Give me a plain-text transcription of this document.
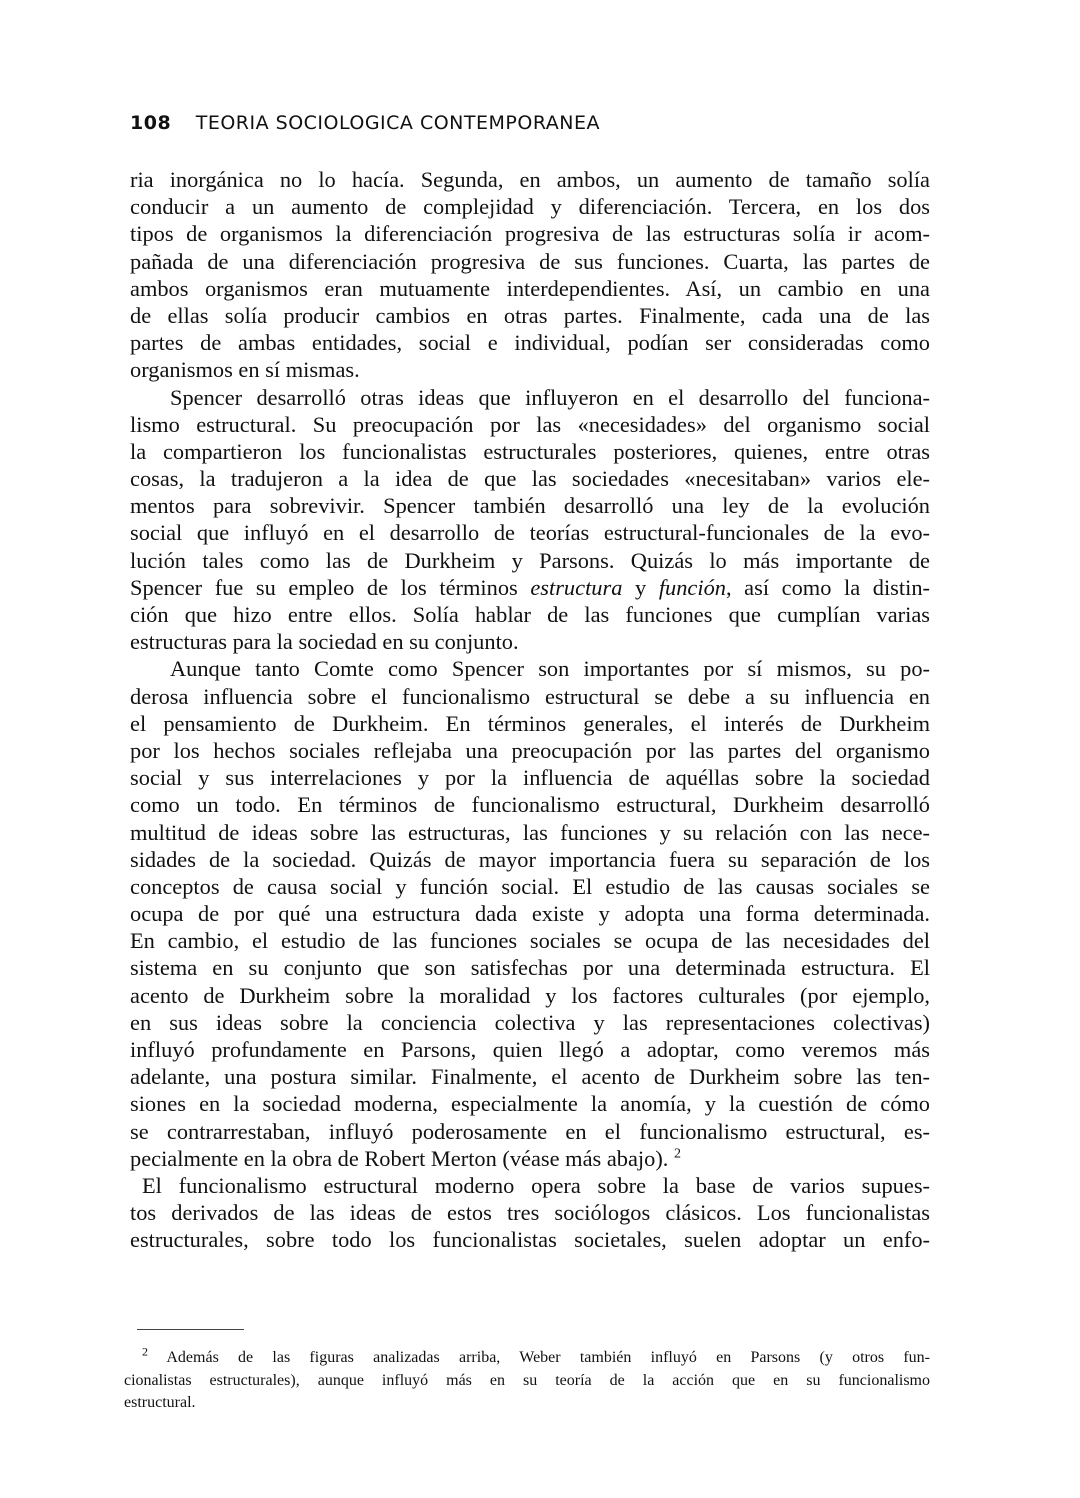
108 TEORIA SOCIOLOGICA CONTEMPORANEA
ria inorgánica no lo hacía. Segunda, en ambos, un aumento de tamaño solía
conducir a un aumento de complejidad y diferenciación. Tercera, en los dos
tipos de organismos la diferenciación progresiva de las estructuras solía ir acom-
pañada de una diferenciación progresiva de sus funciones. Cuarta, las partes de
ambos organismos eran mutuamente interdependientes. Así, un cambio en una
de ellas solía producir cambios en otras partes. Finalmente, cada una de las
partes de ambas entidades, social e individual, podían ser consideradas como
organismos en sí mismas.
Spencer desarrolló otras ideas que influyeron en el desarrollo del funciona-
lismo estructural. Su preocupación por las «necesidades» del organismo social
la compartieron los funcionalistas estructurales posteriores, quienes, entre otras
cosas, la tradujeron a la idea de que las sociedades «necesitaban» varios ele-
mentos para sobrevivir. Spencer también desarrolló una ley de la evolución
social que influyó en el desarrollo de teorías estructural-funcionales de la evo-
lución tales como las de Durkheim y Parsons. Quizás lo más importante de
Spencer fue su empleo de los términos estructura y función, así como la distin-
ción que hizo entre ellos. Solía hablar de las funciones que cumplían varias
estructuras para la sociedad en su conjunto.
Aunque tanto Comte como Spencer son importantes por sí mismos, su po-
derosa influencia sobre el funcionalismo estructural se debe a su influencia en
el pensamiento de Durkheim. En términos generales, el interés de Durkheim
por los hechos sociales reflejaba una preocupación por las partes del organismo
social y sus interrelaciones y por la influencia de aquéllas sobre la sociedad
como un todo. En términos de funcionalismo estructural, Durkheim desarrolló
multitud de ideas sobre las estructuras, las funciones y su relación con las nece-
sidades de la sociedad. Quizás de mayor importancia fuera su separación de los
conceptos de causa social y función social. El estudio de las causas sociales se
ocupa de por qué una estructura dada existe y adopta una forma determinada.
En cambio, el estudio de las funciones sociales se ocupa de las necesidades del
sistema en su conjunto que son satisfechas por una determinada estructura. El
acento de Durkheim sobre la moralidad y los factores culturales (por ejemplo,
en sus ideas sobre la conciencia colectiva y las representaciones colectivas)
influyó profundamente en Parsons, quien llegó a adoptar, como veremos más
adelante, una postura similar. Finalmente, el acento de Durkheim sobre las ten-
siones en la sociedad moderna, especialmente la anomía, y la cuestión de cómo
se contrarrestaban, influyó poderosamente en el funcionalismo estructural, es-
pecialmente en la obra de Robert Merton (véase más abajo). $^2$
El funcionalismo estructural moderno opera sobre la base de varios supues-
tos derivados de las ideas de estos tres sociólogos clásicos. Los funcionalistas
estructurales, sobre todo los funcionalistas societales, suelen adoptar un enfo-
$^2$ Además de las figuras analizadas arriba, Weber también influyó en Parsons (y otros fun-
cionalistas estructurales), aunque influyó más en su teoría de la acción que en su funcionalismo
estructural.
